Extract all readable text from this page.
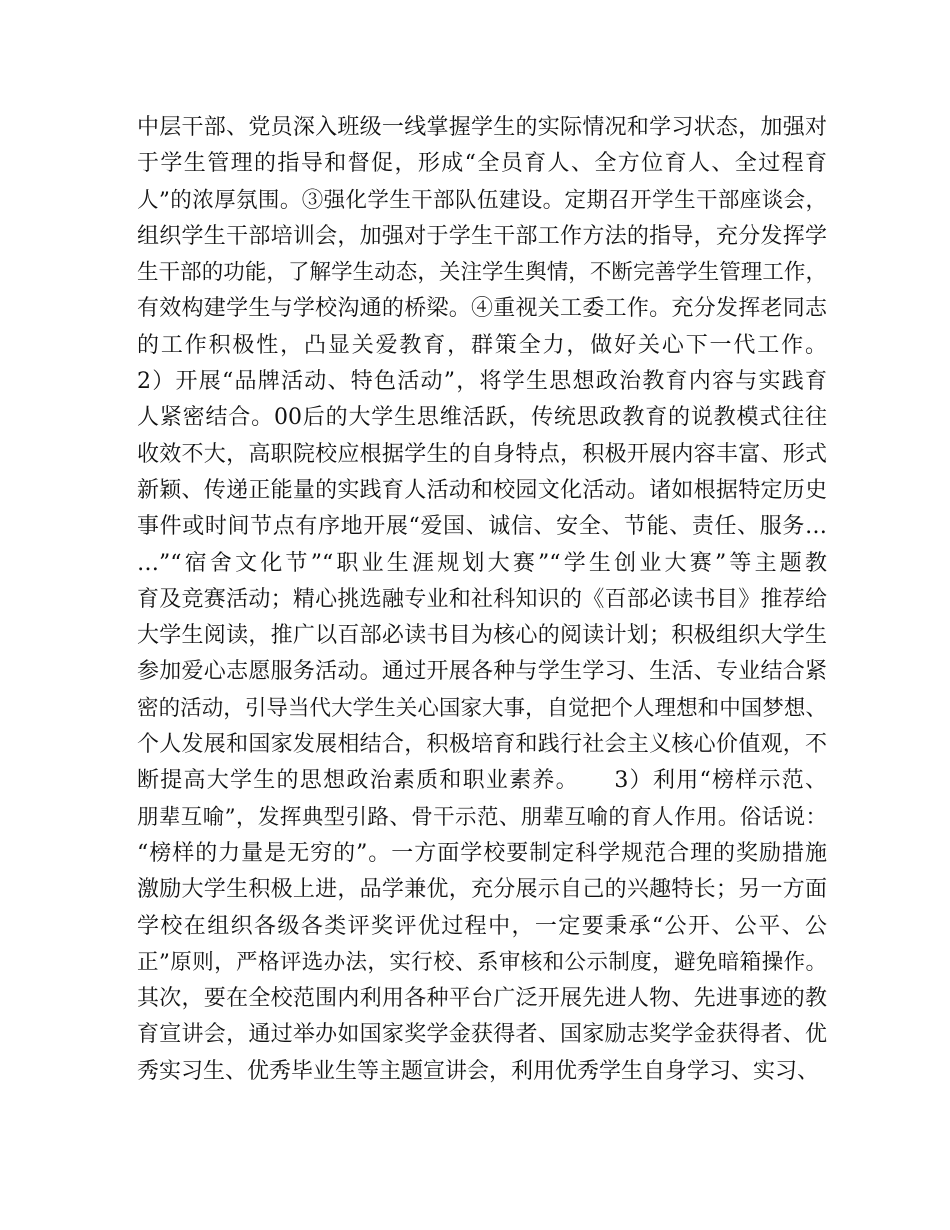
中层干部、党员深入班级一线掌握学生的实际情况和学习状态，加强对
于学生管理的指导和督促，形成“全员育人、全方位育人、全过程育
人”的浓厚氛围。③强化学生干部队伍建设。定期召开学生干部座谈会，
组织学生干部培训会，加强对于学生干部工作方法的指导，充分发挥学
生干部的功能，了解学生动态，关注学生舆情，不断完善学生管理工作，
有效构建学生与学校沟通的桥梁。④重视关工委工作。充分发挥老同志
的工作积极性，凸显关爱教育，群策全力，做好关心下一代工作。
2）开展“品牌活动、特色活动”，将学生思想政治教育内容与实践育
人紧密结合。00后的大学生思维活跃，传统思政教育的说教模式往往
收效不大，高职院校应根据学生的自身特点，积极开展内容丰富、形式
新颖、传递正能量的实践育人活动和校园文化活动。诸如根据特定历史
事件或时间节点有序地开展“爱国、诚信、安全、节能、责任、服务…
…”“宿舍文化节”“职业生涯规划大赛”“学生创业大赛”等主题教
育及竞赛活动；精心挑选融专业和社科知识的《百部必读书目》推荐给
大学生阅读，推广以百部必读书目为核心的阅读计划；积极组织大学生
参加爱心志愿服务活动。通过开展各种与学生学习、生活、专业结合紧
密的活动，引导当代大学生关心国家大事，自觉把个人理想和中国梦想、
个人发展和国家发展相结合，积极培育和践行社会主义核心价值观，不
断提高大学生的思想政治素质和职业素养。　　3）利用“榜样示范、
朋辈互喻”，发挥典型引路、骨干示范、朋辈互喻的育人作用。俗话说：
“榜样的力量是无穷的”。一方面学校要制定科学规范合理的奖励措施
激励大学生积极上进，品学兼优，充分展示自己的兴趣特长；另一方面
学校在组织各级各类评奖评优过程中，一定要秉承“公开、公平、公
正”原则，严格评选办法，实行校、系审核和公示制度，避免暗箱操作。
其次，要在全校范围内利用各种平台广泛开展先进人物、先进事迹的教
育宣讲会，通过举办如国家奖学金获得者、国家励志奖学金获得者、优
秀实习生、优秀毕业生等主题宣讲会，利用优秀学生自身学习、实习、
